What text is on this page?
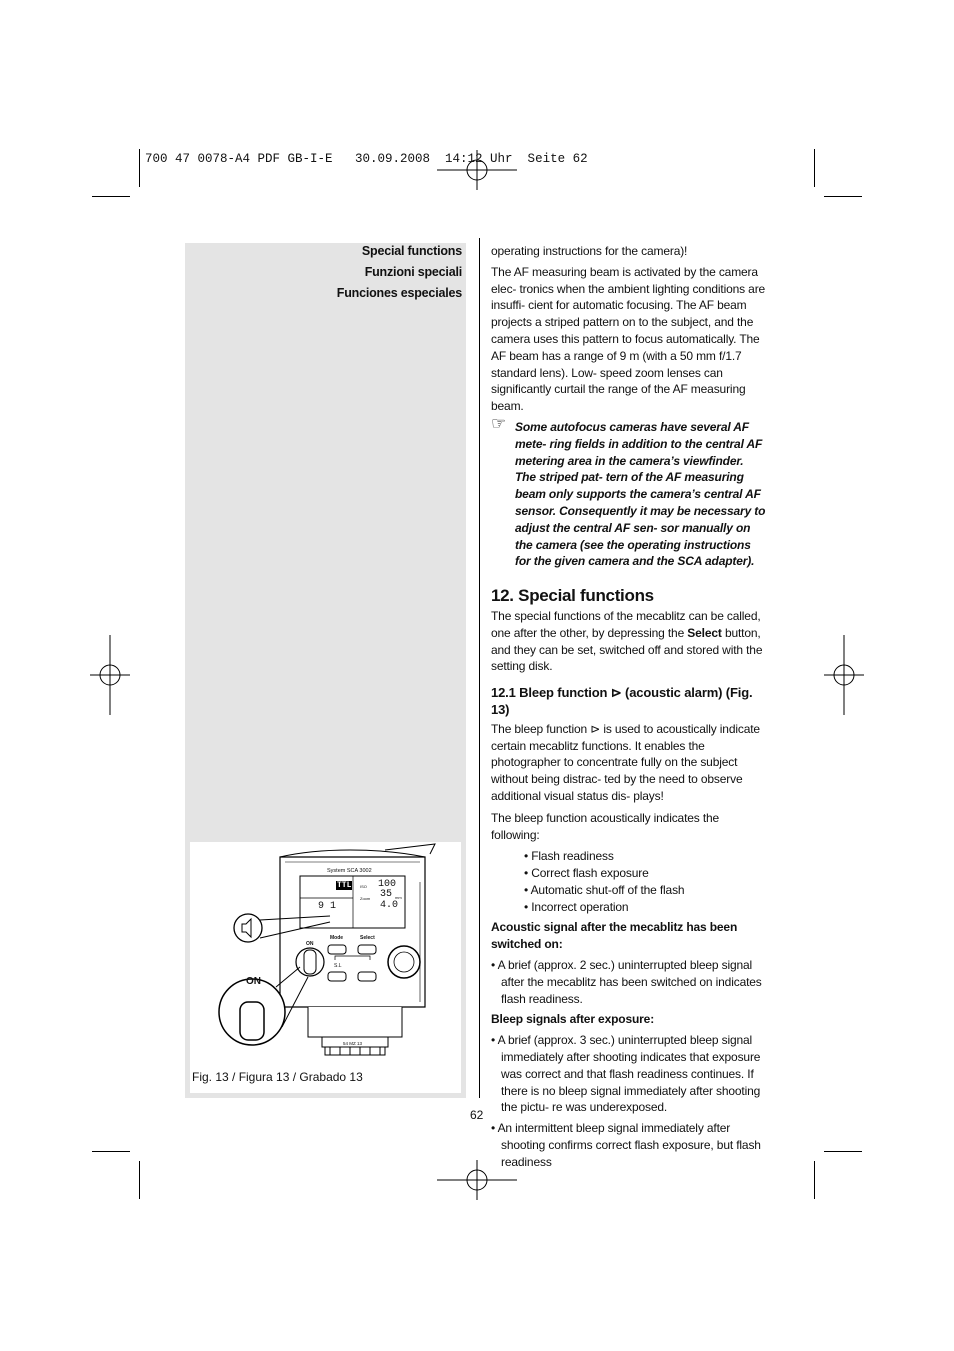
700 47 0078-A4 PDF GB-I-E   30.09.2008  14:12 Uhr  Seite 62
Special functions
Funzioni speciali
Funciones especiales
System SCA 3002
TTL ISO
Zoom
100
35 mm
4.0
9 1
Mode	Select
ON
S.L
ON
54 MZ 13
Fig. 13 / Figura 13 / Grabado 13

operating instructions for the camera)!

The AF measuring beam is activated by the camera elec- tronics when the ambient lighting conditions are insuffi- cient for automatic focusing. The AF beam projects a striped pattern on to the subject, and the camera uses this pattern to focus automatically. The AF beam has a range of 9 m (with a 50 mm f/1.7 standard lens). Low- speed zoom lenses can significantly curtail the range of the AF measuring beam.

☞ Some autofocus cameras have several AF mete- ring fields in addition to the central AF metering area in the camera’s viewfinder. The striped pat- tern of the AF measuring beam only supports the camera’s central AF sensor. Consequently it may be necessary to adjust the central AF sen- sor manually on the camera (see the operating instructions for the given camera and the SCA adapter).

12. Special functions

The special functions of the mecablitz can be called, one after the other, by depressing the Select button, and they can be set, switched off and stored with the setting disk.

12.1 Bleep function ⊳ (acoustic alarm) (Fig. 13)

The bleep function ⊳ is used to acoustically indicate certain mecablitz functions. It enables the photographer to concentrate fully on the subject without being distrac- ted by the need to observe additional visual status dis- plays!

The bleep function acoustically indicates the following:

• Flash readiness

• Correct flash exposure

• Automatic shut-off of the flash

• Incorrect operation

Acoustic signal after the mecablitz has been switched on:

• A brief (approx. 2 sec.) uninterrupted bleep signal after the mecablitz has been switched on indicates flash readiness.

Bleep signals after exposure:

• A brief (approx. 3 sec.) uninterrupted bleep signal immediately after shooting indicates that exposure was correct and that flash readiness continues. If there is no bleep signal immediately after shooting the pictu- re was underexposed.

• An intermittent bleep signal immediately after shooting confirms correct flash exposure, but flash readiness

62
